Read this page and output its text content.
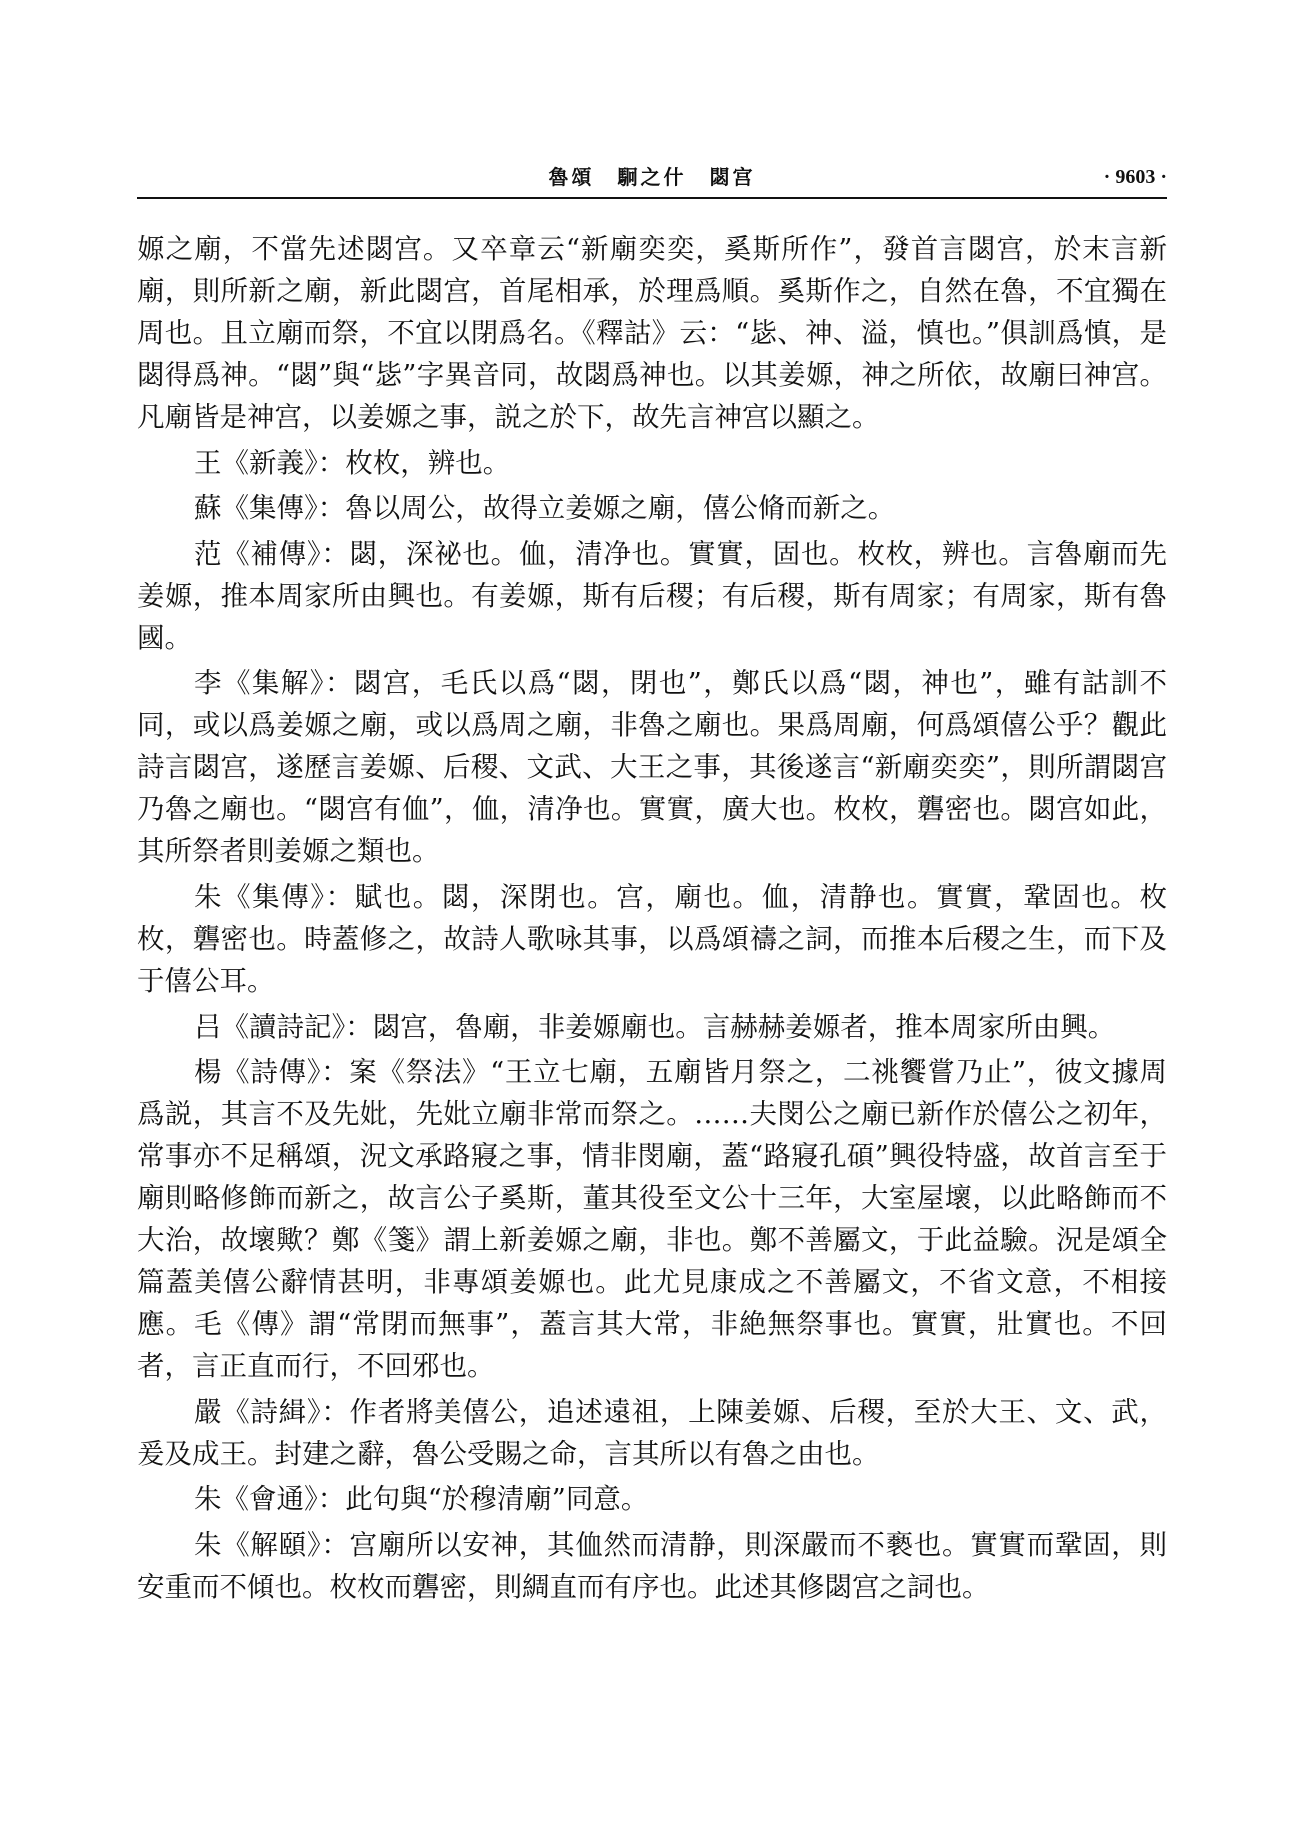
魯頌　駉之什　閟宫	· 9603 ·

嫄之廟，不當先述閟宫。又卒章云“新廟奕奕，奚斯所作”，發首言閟宫，於末言新廟，則所新之廟，新此閟宫，首尾相承，於理爲順。奚斯作之，自然在魯，不宜獨在周也。且立廟而祭，不宜以閉爲名。《釋詁》云：“毖、神、溢，慎也。”俱訓爲慎，是閟得爲神。“閟”與“毖”字異音同，故閟爲神也。以其姜嫄，神之所依，故廟曰神宫。凡廟皆是神宫，以姜嫄之事，説之於下，故先言神宫以顯之。

王《新義》：枚枚，辨也。

蘇《集傳》：魯以周公，故得立姜嫄之廟，僖公脩而新之。

范《補傳》：閟，深祕也。侐，清净也。實實，固也。枚枚，辨也。言魯廟而先姜嫄，推本周家所由興也。有姜嫄，斯有后稷；有后稷，斯有周家；有周家，斯有魯國。

李《集解》：閟宫，毛氏以爲“閟，閉也”，鄭氏以爲“閟，神也”，雖有詁訓不同，或以爲姜嫄之廟，或以爲周之廟，非魯之廟也。果爲周廟，何爲頌僖公乎？觀此詩言閟宫，遂歷言姜嫄、后稷、文武、大王之事，其後遂言“新廟奕奕”，則所謂閟宫乃魯之廟也。“閟宫有侐”，侐，清净也。實實，廣大也。枚枚，礱密也。閟宫如此，其所祭者則姜嫄之類也。

朱《集傳》：賦也。閟，深閉也。宫，廟也。侐，清静也。實實，鞏固也。枚枚，礱密也。時蓋修之，故詩人歌咏其事，以爲頌禱之詞，而推本后稷之生，而下及于僖公耳。

吕《讀詩記》：閟宫，魯廟，非姜嫄廟也。言赫赫姜嫄者，推本周家所由興。

楊《詩傳》：案《祭法》“王立七廟，五廟皆月祭之，二祧饗嘗乃止”，彼文據周爲説，其言不及先妣，先妣立廟非常而祭之。……夫閔公之廟已新作於僖公之初年，常事亦不足稱頌，況文承路寢之事，情非閔廟，蓋“路寢孔碩”興役特盛，故首言至于廟則略修飾而新之，故言公子奚斯，董其役至文公十三年，大室屋壞，以此略飾而不大治，故壞歟？鄭《箋》謂上新姜嫄之廟，非也。鄭不善屬文，于此益驗。況是頌全篇蓋美僖公辭情甚明，非專頌姜嫄也。此尤見康成之不善屬文，不省文意，不相接應。毛《傳》謂“常閉而無事”，蓋言其大常，非絶無祭事也。實實，壯實也。不回者，言正直而行，不回邪也。

嚴《詩緝》：作者將美僖公，追述遠祖，上陳姜嫄、后稷，至於大王、文、武，爰及成王。封建之辭，魯公受賜之命，言其所以有魯之由也。

朱《會通》：此句與“於穆清廟”同意。

朱《解頤》：宫廟所以安神，其侐然而清静，則深嚴而不褻也。實實而鞏固，則安重而不傾也。枚枚而礱密，則綢直而有序也。此述其修閟宫之詞也。
